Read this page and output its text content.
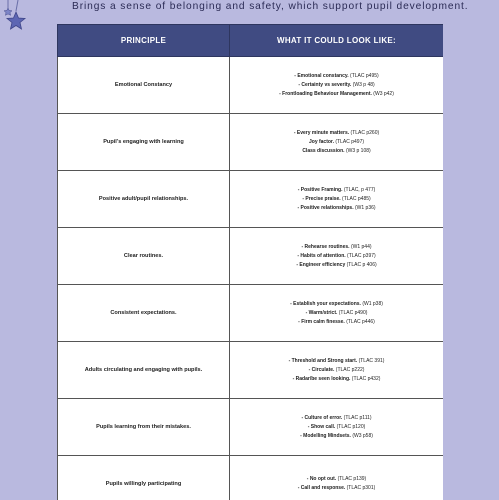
Brings a sense of belonging and safety, which support pupil development.
PRINCIPLE	WHAT IT COULD LOOK LIKE:
Emotional Constancy	- Emotional constancy. (TLAC p495)
- Certainty vs severity. (W3 p 48)
- Frontloading Behaviour Management. (W3 p42)

Pupil’s engaging with learning	- Every minute matters. (TLAC p260)
Joy factor. (TLAC p497)
Class discussion. (W3 p 108)

Positive adult/pupil relationships.	- Positive Framing. (TLAC, p 477)
- Precise praise. (TLAC p485)
- Positive relationships. (W1 p36)

Clear routines.	- Rehearse routines. (W1 p44)
- Habits of attention. (TLAC p397)
- Engineer efficiency (TLAC p 406)

Consistent expectations.	- Establish your expectations. (W1 p38)
- Warm/strict. (TLAC p490)
- Firm calm finesse. (TLAC p446)

Adults circulating and engaging with pupils.	- Threshold and Strong start. (TLAC 391)
- Circulate. (TLAC p222)
- Radar/be seen looking. (TLAC p432)

Pupils learning from their mistakes.	- Culture of error. (TLAC p111)
- Show call. (TLAC p120)
- Modelling Mindsets. (W3 p58)

Pupils willingly participating	- No opt out. (TLAC p139)
- Call and response. (TLAC p301)
